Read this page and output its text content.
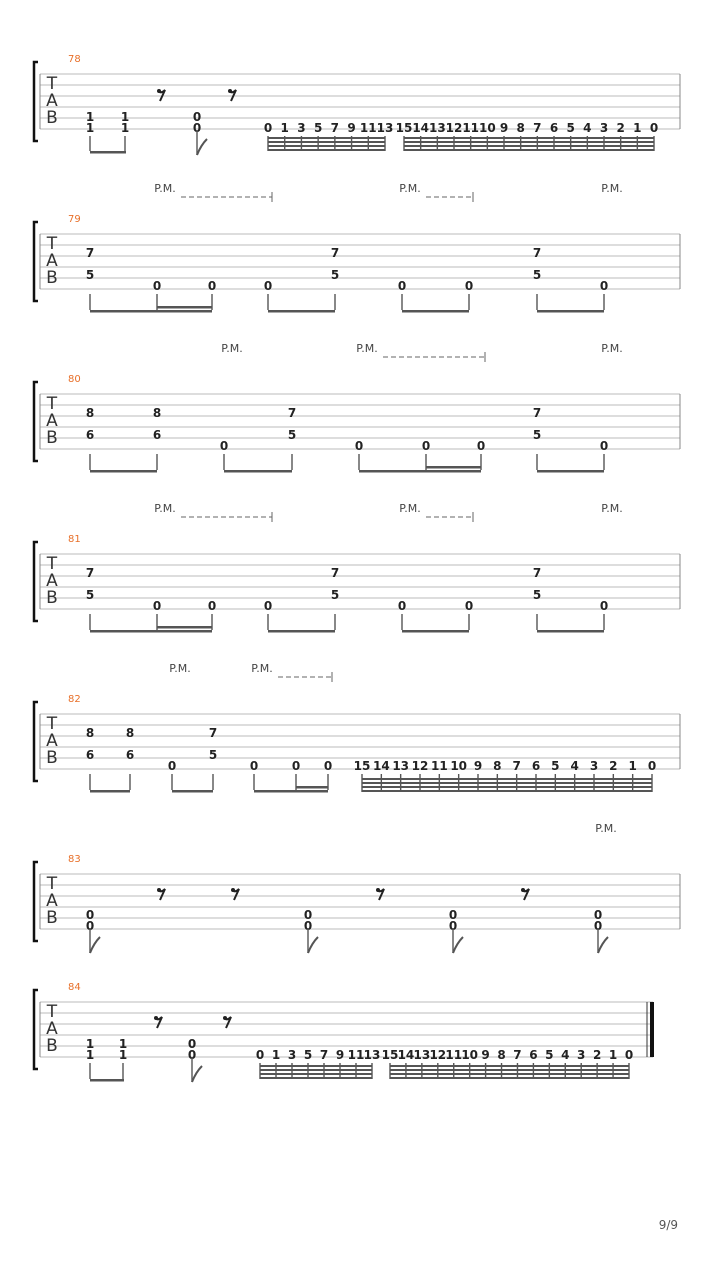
T
A
B
78
1
1
1
1
0
0	0 1 3 5 7 9 11 13 15 14 13 12 11 10 9 8 7 6 5 4 3 2 1 0
T
A
B
79
7
5
0	0	0
7
5
0	0
7
5
0
P.M.	P.M.	P.M.
T
A
B
80
8
6
8
6
0
7
5
0	0	0
7
5
0
P.M.	P.M.	P.M.
T
A
B
81
7
5
0	0	0
7
5
0	0
7
5
0
P.M.	P.M.	P.M.
T
A
B
82
8
6
8
6
0
7
5
0	0 0 15 14 13 12 11 10 9 8 7 6 5 4 3 2 1 0
P.M.	P.M.
T
A
B
83
0
0
0
0
0
0
0
0
P.M.
T
A
B
84
1
1
1
1
0
0	0 1 3 5 7 9 11 13 15 14 13 12 11 10 9 8 7 6 5 4 3 2 1 0
9/9
